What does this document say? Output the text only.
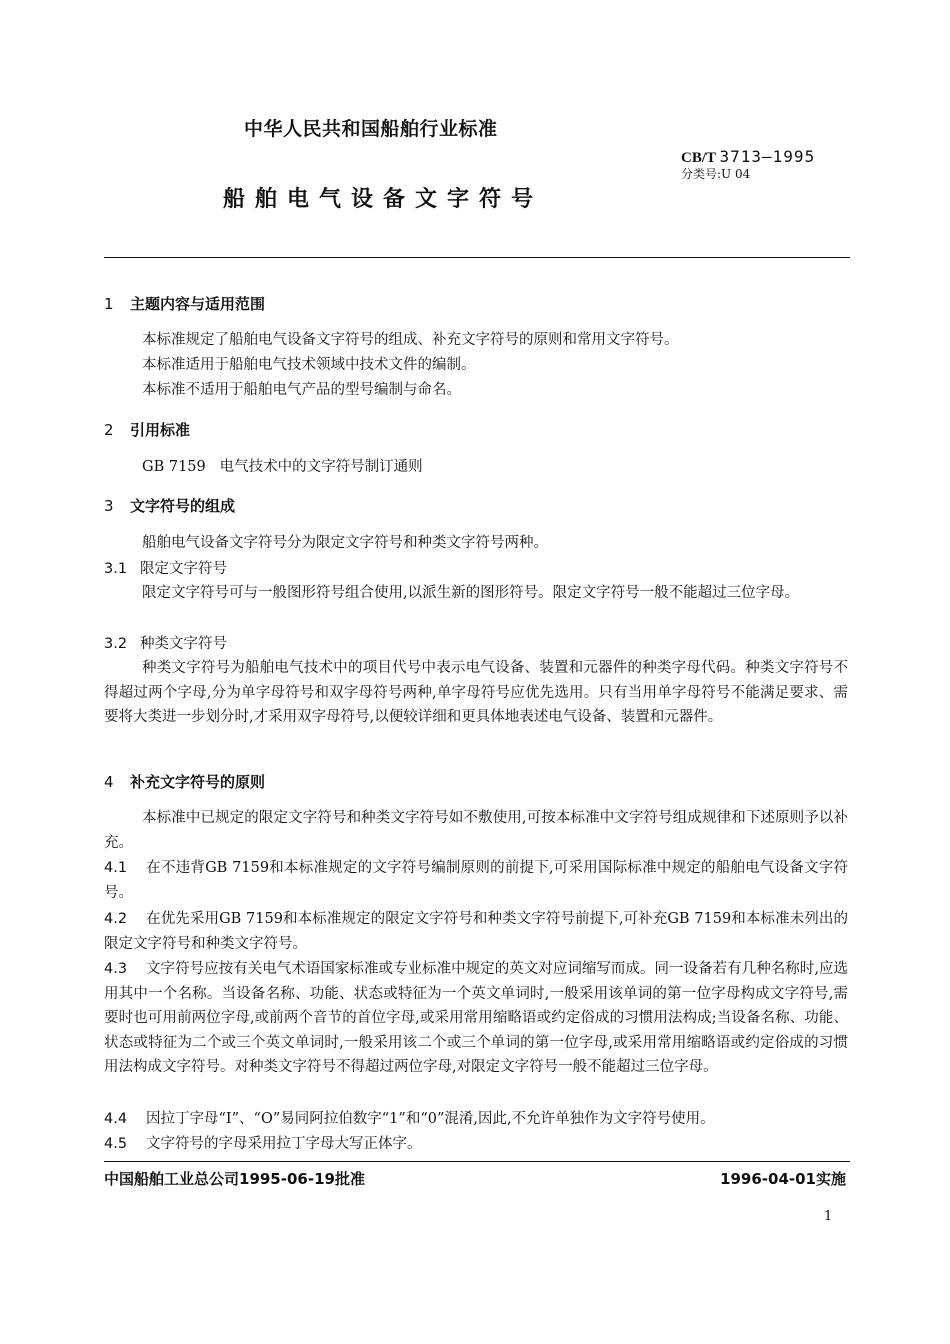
中华人民共和国船舶行业标准
CB/T 3713—1995
分类号:U 04
船舶电气设备文字符号
1 主题内容与适用范围
本标准规定了船舶电气设备文字符号的组成、补充文字符号的原则和常用文字符号。
本标准适用于船舶电气技术领域中技术文件的编制。
本标准不适用于船舶电气产品的型号编制与命名。
2 引用标准
GB 7159 电气技术中的文字符号制订通则
3 文字符号的组成
船舶电气设备文字符号分为限定文字符号和种类文字符号两种。
3.1 限定文字符号
限定文字符号可与一般图形符号组合使用,以派生新的图形符号。限定文字符号一般不能超过三位字母。
3.2 种类文字符号
种类文字符号为船舶电气技术中的项目代号中表示电气设备、装置和元器件的种类字母代码。种类文字符号不得超过两个字母,分为单字母符号和双字母符号两种,单字母符号应优先选用。只有当用单字母符号不能满足要求、需要将大类进一步划分时,才采用双字母符号,以便较详细和更具体地表述电气设备、装置和元器件。
4 补充文字符号的原则
本标准中已规定的限定文字符号和种类文字符号如不敷使用,可按本标准中文字符号组成规律和下述原则予以补充。
4.1 在不违背GB 7159和本标准规定的文字符号编制原则的前提下,可采用国际标准中规定的船舶电气设备文字符号。
4.2 在优先采用GB 7159和本标准规定的限定文字符号和种类文字符号前提下,可补充GB 7159和本标准未列出的限定文字符号和种类文字符号。
4.3 文字符号应按有关电气术语国家标准或专业标准中规定的英文对应词缩写而成。同一设备若有几种名称时,应选用其中一个名称。当设备名称、功能、状态或特征为一个英文单词时,一般采用该单词的第一位字母构成文字符号,需要时也可用前两位字母,或前两个音节的首位字母,或采用常用缩略语或约定俗成的习惯用法构成;当设备名称、功能、状态或特征为二个或三个英文单词时,一般采用该二个或三个单词的第一位字母,或采用常用缩略语或约定俗成的习惯用法构成文字符号。对种类文字符号不得超过两位字母,对限定文字符号一般不能超过三位字母。
4.4 因拉丁字母“I”、“O”易同阿拉伯数字“1”和“0”混淆,因此,不允许单独作为文字符号使用。
4.5 文字符号的字母采用拉丁字母大写正体字。
中国船舶工业总公司1995-06-19批准	1996-04-01实施
1
